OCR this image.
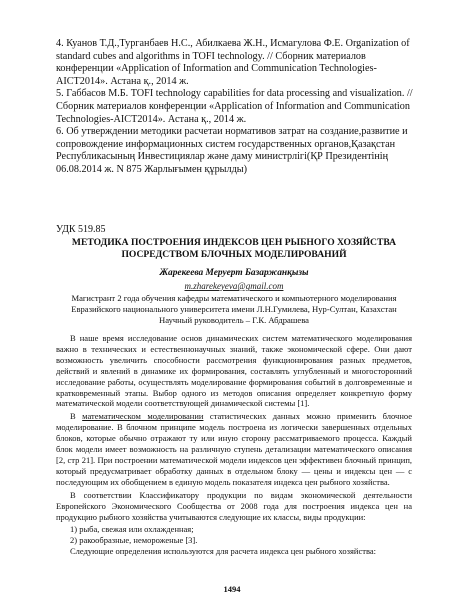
4. Куанов Т.Д.,Турганбаев Н.С., Абилкаева Ж.Н., Исмагулова Ф.Е. Organization of standard cubes and algorithms in TOFI technology. // Сборник материалов конференции «Application of Information and Communication Technologies-AICT2014». Астана қ., 2014 ж.

5. Габбасов М.Б. TOFI technology capabilities for data processing and visualization. //Сборник материалов конференции «Application of Information and Communication Technologies-AICT2014». Астана қ., 2014 ж.

6. Об утверждении методики расчетаи нормативов затрат на создание,развитие и сопровождение информационных систем государственных органов,Қазақстан Республикасының Инвестициялар және даму министрлігі(ҚР Президентінің 06.08.2014 ж. N 875 Жарлығымен құрылды)

УДК 519.85
МЕТОДИКА ПОСТРОЕНИЯ ИНДЕКСОВ ЦЕН РЫБНОГО ХОЗЯЙСТВА ПОСРЕДСТВОМ БЛОЧНЫХ МОДЕЛИРОВАНИЙ
Жарекеева Меруерт Базаржанқызы
m.zharekeyeva@gmail.com
Магистрант 2 года обучения кафедры математического и компьютерного моделирования Евразийского национального университета имени Л.Н.Гумилева, Нур-Султан, Казахстан
Научный руководитель – Г.К. Абдрашева

В наше время исследование основ динамических систем математического моделирования важно в технических и естественнонаучных знаний, также экономической сфере. Они дают возможность увеличить способности рассмотрения функционирования разных предметов, действий и явлений в динамике их формирования, составлять углубленный и многосторонний исследование работы, осуществлять моделирование формирования событий в долговременные и кратковременный этапы. Выбор одного из методов описания определяет конкретную форму математической модели соответствующей динамической системы [1].

В математическом моделировании статистических данных можно применить блочное моделирование. В блочном принципе модель построена из логически завершенных отдельных блоков, которые обычно отражают ту или иную сторону рассматриваемого процесса. Каждый блок модели имеет возможность на различную ступень детализации математического описания [2, стр 21]. При построении математической модели индексов цен эффективен блочный принцип, который предусматривает обработку данных в отдельном блоку — цены и индексы цен — с последующим их обобщением в единую модель показателя индекса цен рыбного хозяйства.

В соответствии Классификатору продукции по видам экономической деятельности Европейского Экономического Сообщества от 2008 года для построения индекса цен на продукцию рыбного хозяйства учитываются следующие их классы, виды продукции:

1) рыба, свежая или охлажденная;

2) ракообразные, немороженые [3].

Следующие определения используются для расчета индекса цен рыбного хозяйства:

1494
